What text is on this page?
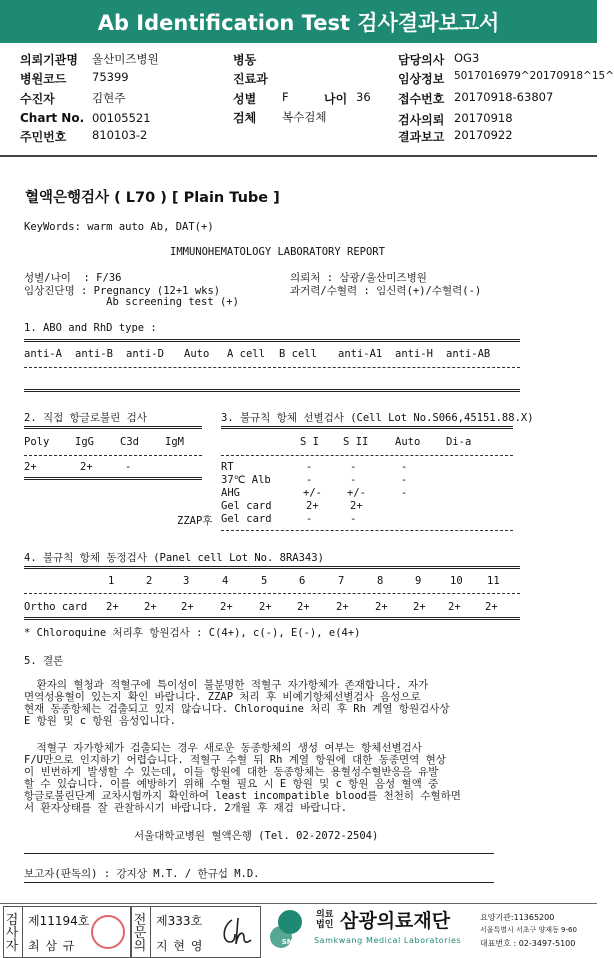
Ab Identification Test 검사결과보고서
의뢰기관명 울산미즈병원
병원코드 75399
수진자	김현주
Chart No. 00105521
주민번호 810103-2
병동
진료과
성별 F	나이 36
검체 복수검체
담당의사 OG3
임상정보 5017016979^20170918^15^
접수번호 20170918-63807
검사의뢰 20170918
결과보고 20170922
혈액은행검사 ( L70 ) [ Plain Tube ]
KeyWords: warm auto Ab, DAT(+)
IMMUNOHEMATOLOGY LABORATORY REPORT
성별/나이  : F/36
임상진단명 : Pregnancy (12+1 wks)
Ab screening test (+)
의뢰처 : 삼광/울산미즈병원
과거력/수혈력 : 임신력(+)/수혈력(-)
1. ABO and RhD type :
anti-A anti-B anti-D Auto A cell B cell anti-A1 anti-H anti-AB
2. 직접 항글로불린 검사
Poly IgG C3d IgM
2+	2+	-
3. 불규칙 항체 선별검사 (Cell Lot No.S066,45151.88.X)
S I S II	Auto Di-a
RT	-	-	-
37℃ Alb	-	-	-
AHG	+/- +/-	-
Gel card	2+	2+
ZZAP후 Gel card	-	-
4. 불규칙 항체 동정검사 (Panel cell Lot No. 8RA343)
1	2	3	4	5	6	7	8	9	10 11
Ortho card 2+ 2+ 2+	2+	2+ 2+	2+	2+ 2+ 2+ 2+
* Chloroquine 처리후 항원검사 : C(4+), c(-), E(-), e(4+)
5. 결론
환자의 혈청과 적혈구에 특이성이 불분명한 적혈구 자가항체가 존재합니다. 자가
면역성용혈이 있는지 확인 바랍니다. ZZAP 처리 후 비예기항체선별검사 음성으로
현재 동종항체는 검출되고 있지 않습니다. Chloroquine 처리 후 Rh 계열 항원검사상
E 항원 및 c 항원 음성입니다.
적혈구 자가항체가 검출되는 경우 새로운 동종항체의 생성 여부는 항체선별검사
F/U만으로 인지하기 어렵습니다. 적혈구 수혈 뒤 Rh 계열 항원에 대한 동종면역 현상
이 빈번하게 발생할 수 있는데, 이들 항원에 대한 동종항체는 용혈성수혈반응을 유발
할 수 있습니다. 이를 예방하기 위해 수혈 필요 시 E 항원 및 c 항원 음성 혈액 중
항글로불린단계 교차시험까지 확인하여 least incompatible blood를 천천히 수혈하면
서 환자상태를 잘 관찰하시기 바랍니다. 2개월 후 재검 바랍니다.
서울대학교병원 혈액은행 (Tel. 02-2072-2504)
보고자(판독의) : 강지상 M.T. / 한규섭 M.D.
검사자
제11194호
최 삼 규
전문의
제333호
지 현 영	SML
의료
법인 삼광의료재단
Samkwang Medical Laboratories
요양기관:11365200
서울특별시 서초구 양재동 9-60
대표번호 : 02-3497-5100
